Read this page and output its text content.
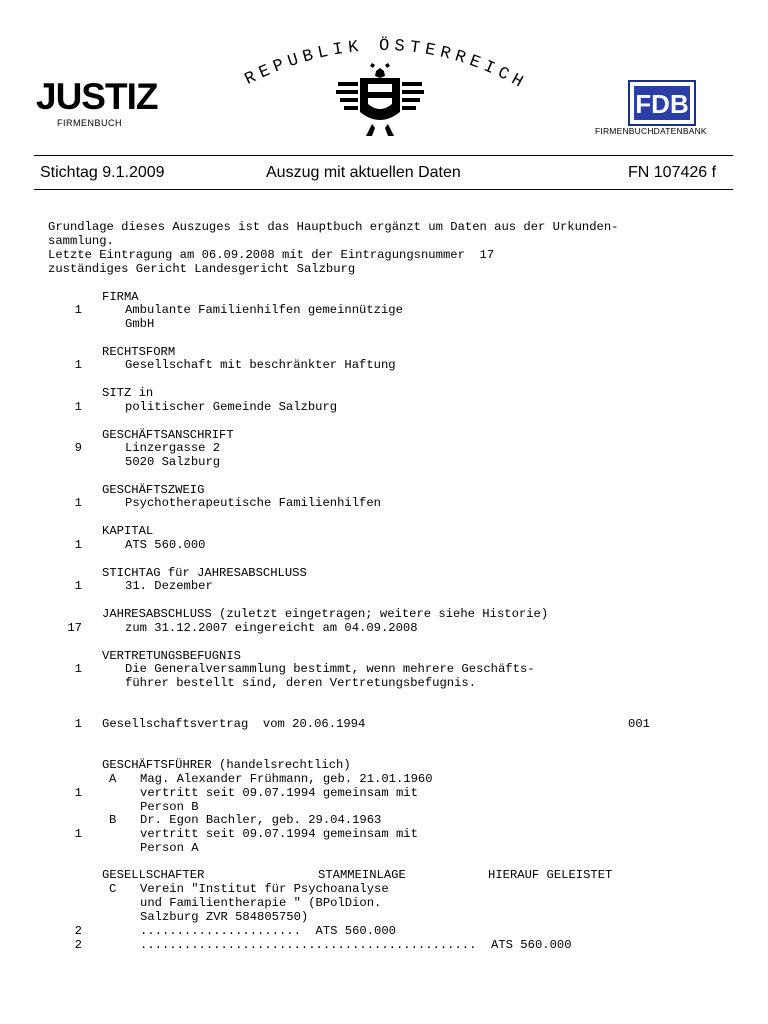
JUSTIZ
FIRMENBUCH
REPUBLIK ÖSTERREICH
FDB
FIRMENBUCHDATENBANK
Stichtag 9.1.2009	Auszug mit aktuellen Daten	FN 107426 f
Grundlage dieses Auszuges ist das Hauptbuch ergänzt um Daten aus der Urkunden-
sammlung.
Letzte Eintragung am 06.09.2008 mit der Eintragungsnummer  17
zuständiges Gericht Landesgericht Salzburg
FIRMA
1	Ambulante Familienhilfen gemeinnützige
GmbH
RECHTSFORM
1	Gesellschaft mit beschränkter Haftung
SITZ in
1	politischer Gemeinde Salzburg
GESCHÄFTSANSCHRIFT
9	Linzergasse 2
5020 Salzburg
GESCHÄFTSZWEIG
1	Psychotherapeutische Familienhilfen
KAPITAL
1	ATS 560.000
STICHTAG für JAHRESABSCHLUSS
1	31. Dezember
JAHRESABSCHLUSS (zuletzt eingetragen; weitere siehe Historie)
17	zum 31.12.2007 eingereicht am 04.09.2008
VERTRETUNGSBEFUGNIS
1	Die Generalversammlung bestimmt, wenn mehrere Geschäfts-
führer bestellt sind, deren Vertretungsbefugnis.
1 Gesellschaftsvertrag  vom 20.06.1994	001
GESCHÄFTSFÜHRER (handelsrechtlich)
A Mag. Alexander Frühmann, geb. 21.01.1960
1	vertritt seit 09.07.1994 gemeinsam mit
Person B
B Dr. Egon Bachler, geb. 29.04.1963
1	vertritt seit 09.07.1994 gemeinsam mit
Person A
GESELLSCHAFTER	STAMMEINLAGE	HIERAUF GELEISTET
C Verein "Institut für Psychoanalyse
und Familientherapie " (BPolDion.
Salzburg ZVR 584805750)
2	......................  ATS 560.000
2	..............................................  ATS 560.000
